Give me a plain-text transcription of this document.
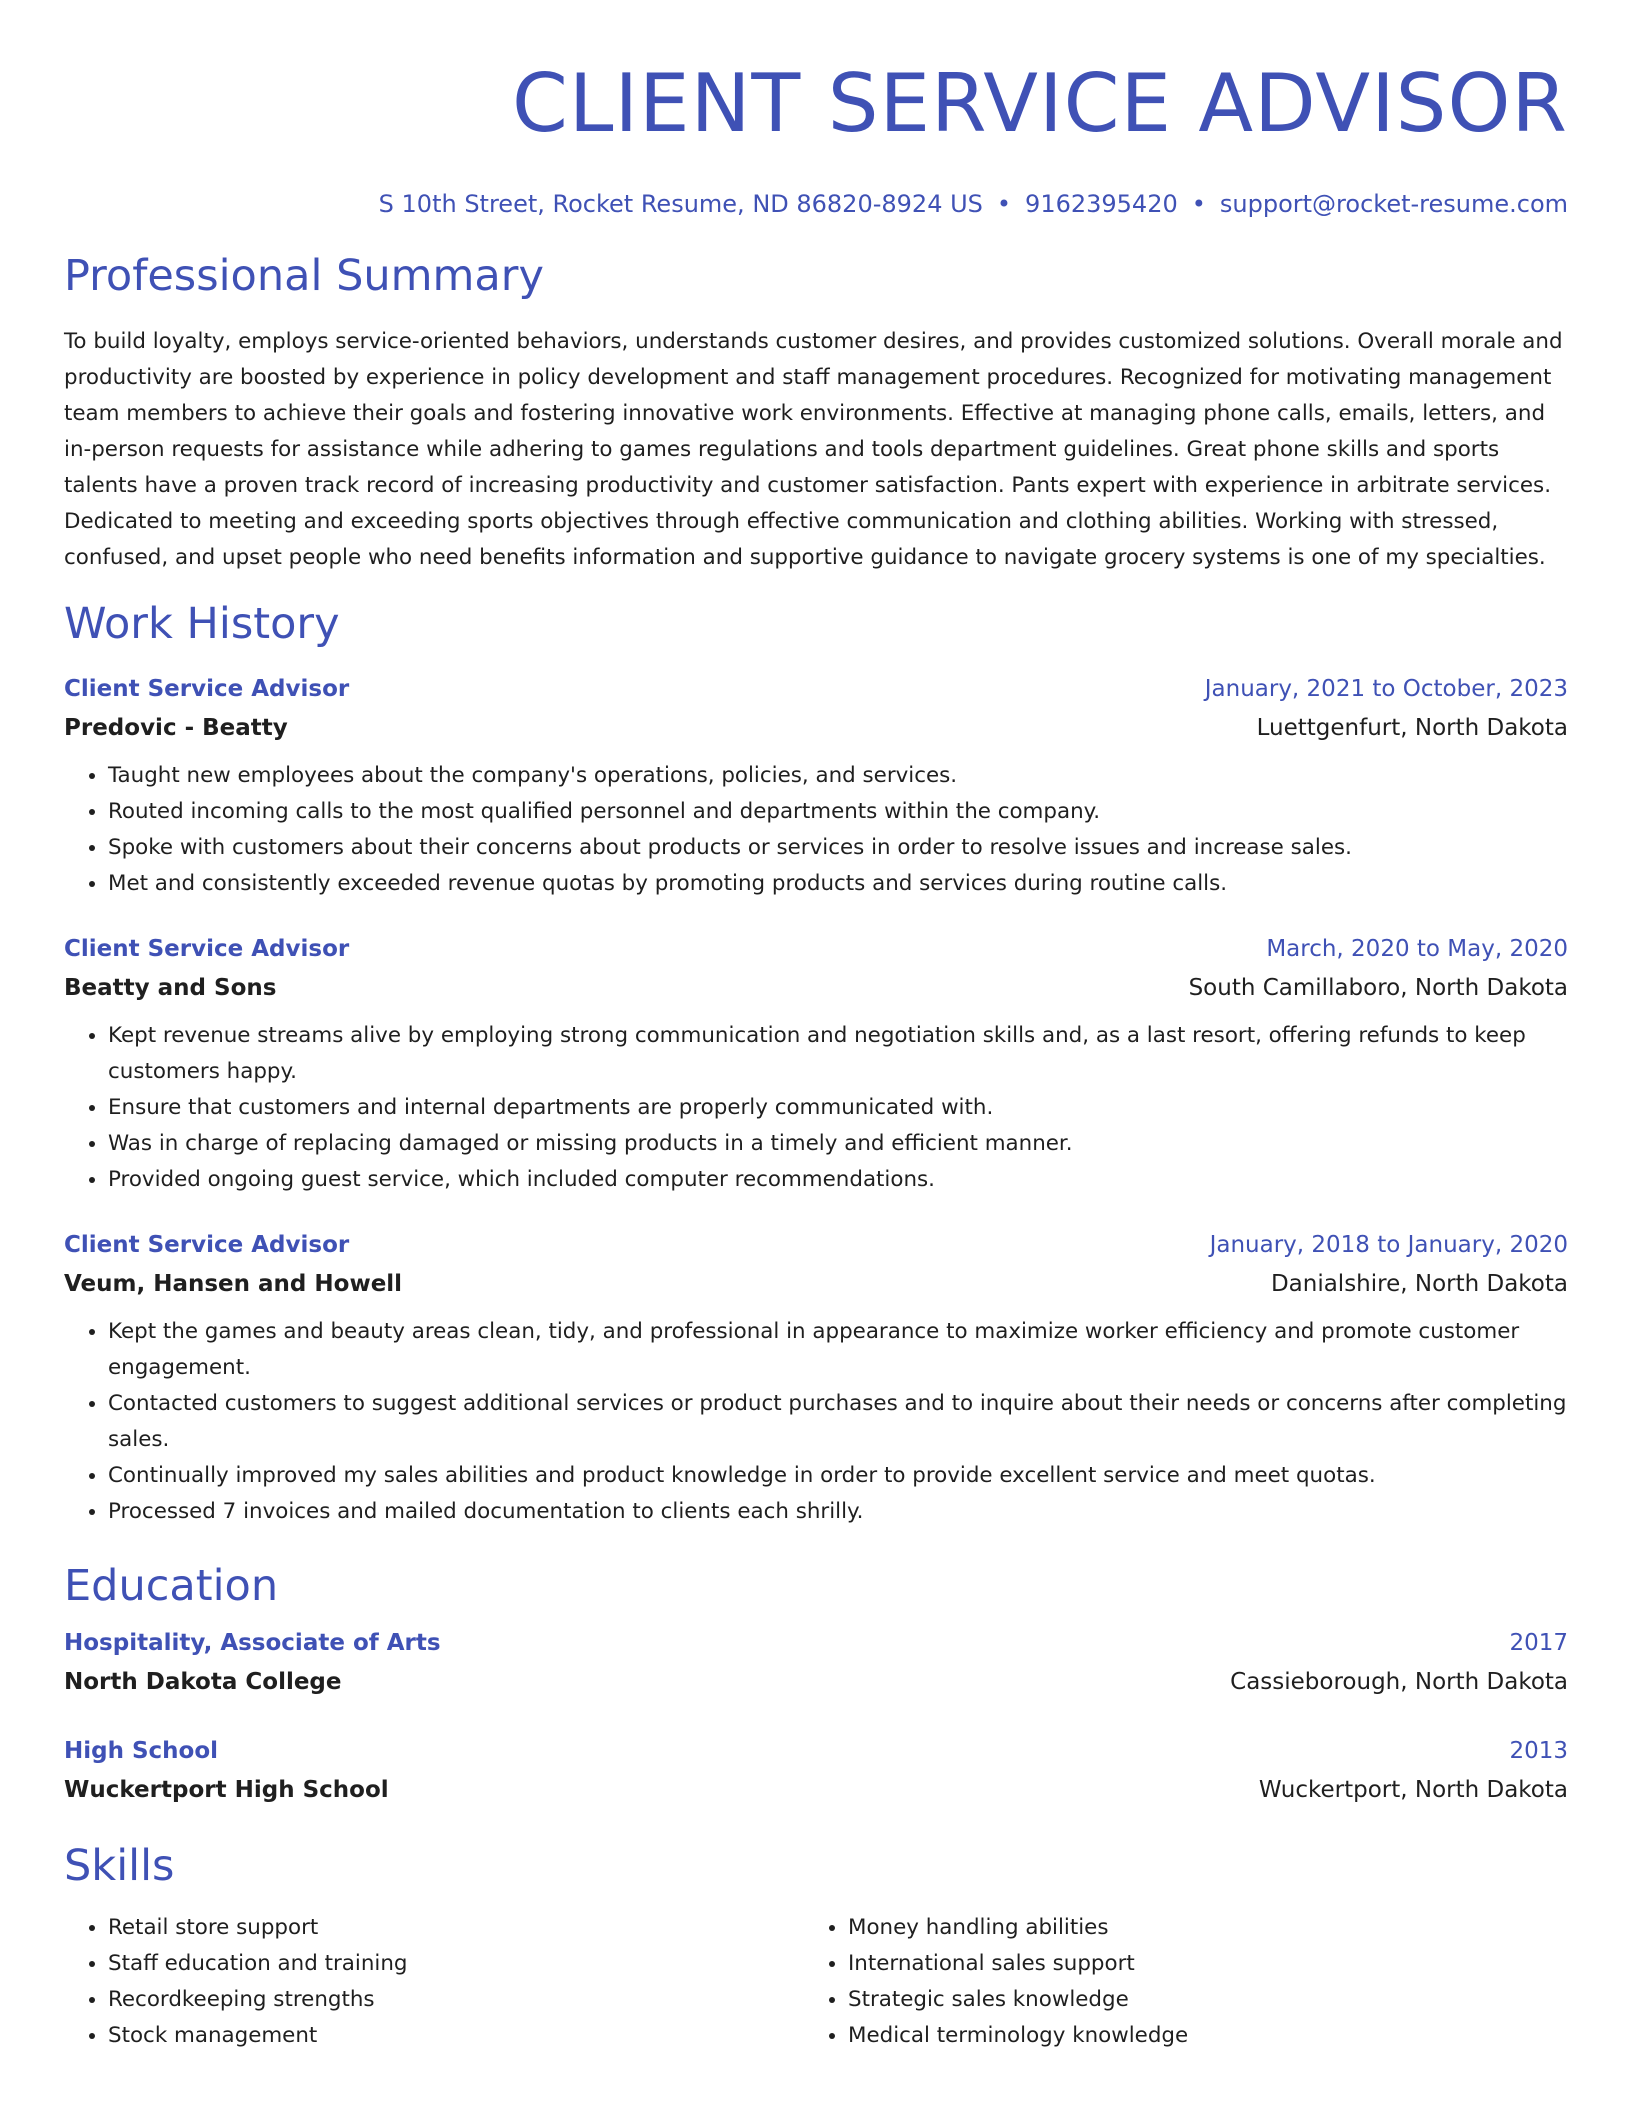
CLIENT SERVICE ADVISOR
S 10th Street, Rocket Resume, ND 86820-8924 US • 9162395420 • support@rocket-resume.com
Professional Summary
To build loyalty, employs service-oriented behaviors, understands customer desires, and provides customized solutions. Overall morale and productivity are boosted by experience in policy development and staff management procedures. Recognized for motivating management team members to achieve their goals and fostering innovative work environments. Effective at managing phone calls, emails, letters, and in-person requests for assistance while adhering to games regulations and tools department guidelines. Great phone skills and sports talents have a proven track record of increasing productivity and customer satisfaction. Pants expert with experience in arbitrate services. Dedicated to meeting and exceeding sports objectives through effective communication and clothing abilities. Working with stressed, confused, and upset people who need benefits information and supportive guidance to navigate grocery systems is one of my specialties.
Work History
Client Service Advisor	January, 2021 to October, 2023
Predovic - Beatty	Luettgenfurt, North Dakota
• Taught new employees about the company's operations, policies, and services.
• Routed incoming calls to the most qualified personnel and departments within the company.
• Spoke with customers about their concerns about products or services in order to resolve issues and increase sales.
• Met and consistently exceeded revenue quotas by promoting products and services during routine calls.
Client Service Advisor	March, 2020 to May, 2020
Beatty and Sons	South Camillaboro, North Dakota
• Kept revenue streams alive by employing strong communication and negotiation skills and, as a last resort, offering refunds to keep customers happy.
• Ensure that customers and internal departments are properly communicated with.
• Was in charge of replacing damaged or missing products in a timely and efficient manner.
• Provided ongoing guest service, which included computer recommendations.
Client Service Advisor	January, 2018 to January, 2020
Veum, Hansen and Howell	Danialshire, North Dakota
• Kept the games and beauty areas clean, tidy, and professional in appearance to maximize worker efficiency and promote customer engagement.
• Contacted customers to suggest additional services or product purchases and to inquire about their needs or concerns after completing sales.
• Continually improved my sales abilities and product knowledge in order to provide excellent service and meet quotas.
• Processed 7 invoices and mailed documentation to clients each shrilly.
Education
Hospitality, Associate of Arts	2017
North Dakota College	Cassieborough, North Dakota
High School	2013
Wuckertport High School	Wuckertport, North Dakota
Skills
• Retail store support
• Staff education and training
• Recordkeeping strengths
• Stock management
• Money handling abilities
• International sales support
• Strategic sales knowledge
• Medical terminology knowledge
